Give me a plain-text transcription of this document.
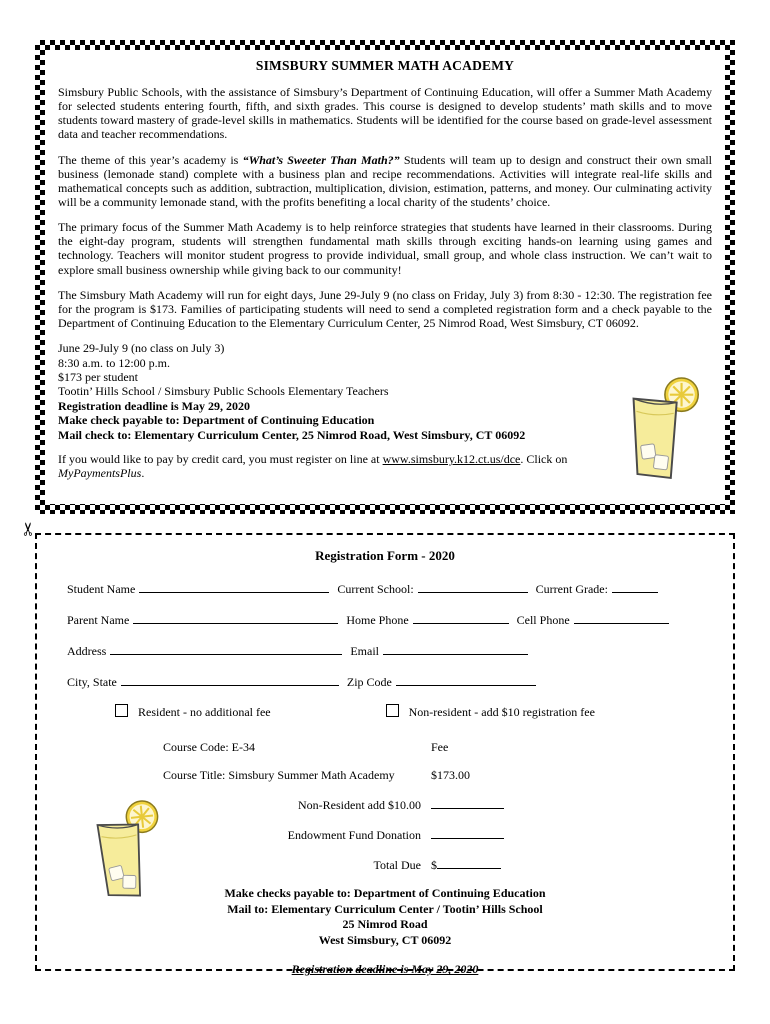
SIMSBURY SUMMER MATH ACADEMY

Simsbury Public Schools, with the assistance of Simsbury’s Department of Continuing Education, will offer a Summer Math Academy for selected students entering fourth, fifth, and sixth grades. This course is designed to develop students’ math skills and to move students toward mastery of grade-level skills in mathematics. Students will be identified for the course based on grade-level assessment data and teacher recommendations.

The theme of this year’s academy is “What’s Sweeter Than Math?” Students will team up to design and construct their own small business (lemonade stand) complete with a business plan and recipe recommendations. Activities will integrate real-life skills and mathematical concepts such as addition, subtraction, multiplication, division, estimation, patterns, and money. Our culminating activity will be a community lemonade stand, with the profits benefiting a local charity of the students’ choice.

The primary focus of the Summer Math Academy is to help reinforce strategies that students have learned in their classrooms. During the eight-day program, students will strengthen fundamental math skills through exciting hands-on learning using games and technology. Teachers will monitor student progress to provide individual, small group, and whole class instruction. We can’t wait to explore small business ownership while giving back to our community!

The Simsbury Math Academy will run for eight days, June 29-July 9 (no class on Friday, July 3) from 8:30 - 12:30. The registration fee for the program is $173. Families of participating students will need to send a completed registration form and a check payable to the Department of Continuing Education to the Elementary Curriculum Center, 25 Nimrod Road, West Simsbury, CT 06092.

June 29-July 9 (no class on July 3)
8:30 a.m. to 12:00 p.m.
$173 per student
Tootin’ Hills School / Simsbury Public Schools Elementary Teachers
Registration deadline is May 29, 2020
Make check payable to: Department of Continuing Education
Mail check to: Elementary Curriculum Center, 25 Nimrod Road, West Simsbury, CT 06092

If you would like to pay by credit card, you must register on line at www.simsbury.k12.ct.us/dce. Click on MyPaymentsPlus.

✂
Registration Form - 2020
Student Name	Current School:	Current Grade:
Parent Name	Home Phone	Cell Phone
Address	Email
City, State	Zip Code
Resident - no additional fee	Non-resident - add $10 registration fee
Course Code: E-34	Fee
Course Title: Simsbury Summer Math Academy	$173.00
Non-Resident add $10.00
Endowment Fund Donation
Total Due $
Make checks payable to: Department of Continuing Education
Mail to: Elementary Curriculum Center / Tootin’ Hills School
25 Nimrod Road
West Simsbury, CT 06092
Registration deadline is May 29, 2020
